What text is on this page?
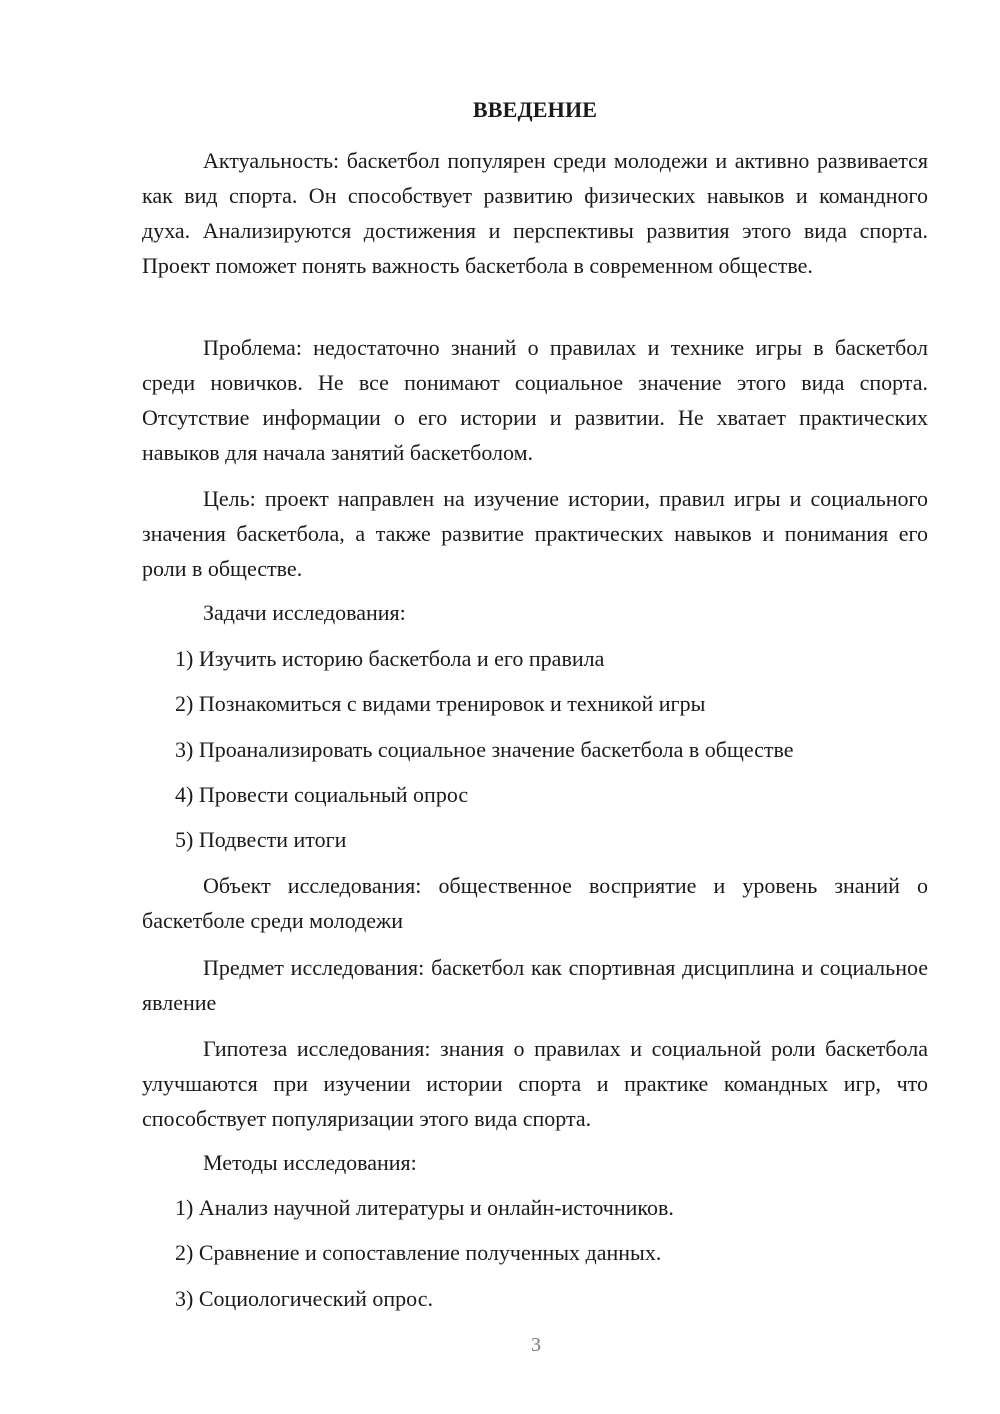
ВВЕДЕНИЕ

Актуальность: баскетбол популярен среди молодежи и активно развивается как вид спорта. Он способствует развитию физических навыков и командного духа. Анализируются достижения и перспективы развития этого вида спорта. Проект поможет понять важность баскетбола в современном обществе.

Проблема: недостаточно знаний о правилах и технике игры в баскетбол среди новичков. Не все понимают социальное значение этого вида спорта. Отсутствие информации о его истории и развитии. Не хватает практических навыков для начала занятий баскетболом.

Цель: проект направлен на изучение истории, правил игры и социального значения баскетбола, а также развитие практических навыков и понимания его роли в обществе.

Задачи исследования:

1) Изучить историю баскетбола и его правила

2) Познакомиться с видами тренировок и техникой игры

3) Проанализировать социальное значение баскетбола в обществе

4) Провести социальный опрос

5) Подвести итоги

Объект исследования: общественное восприятие и уровень знаний о баскетболе среди молодежи

Предмет исследования: баскетбол как спортивная дисциплина и социальное явление

Гипотеза исследования: знания о правилах и социальной роли баскетбола улучшаются при изучении истории спорта и практике командных игр, что способствует популяризации этого вида спорта.

Методы исследования:

1) Анализ научной литературы и онлайн-источников.

2) Сравнение и сопоставление полученных данных.

3) Социологический опрос.

3
